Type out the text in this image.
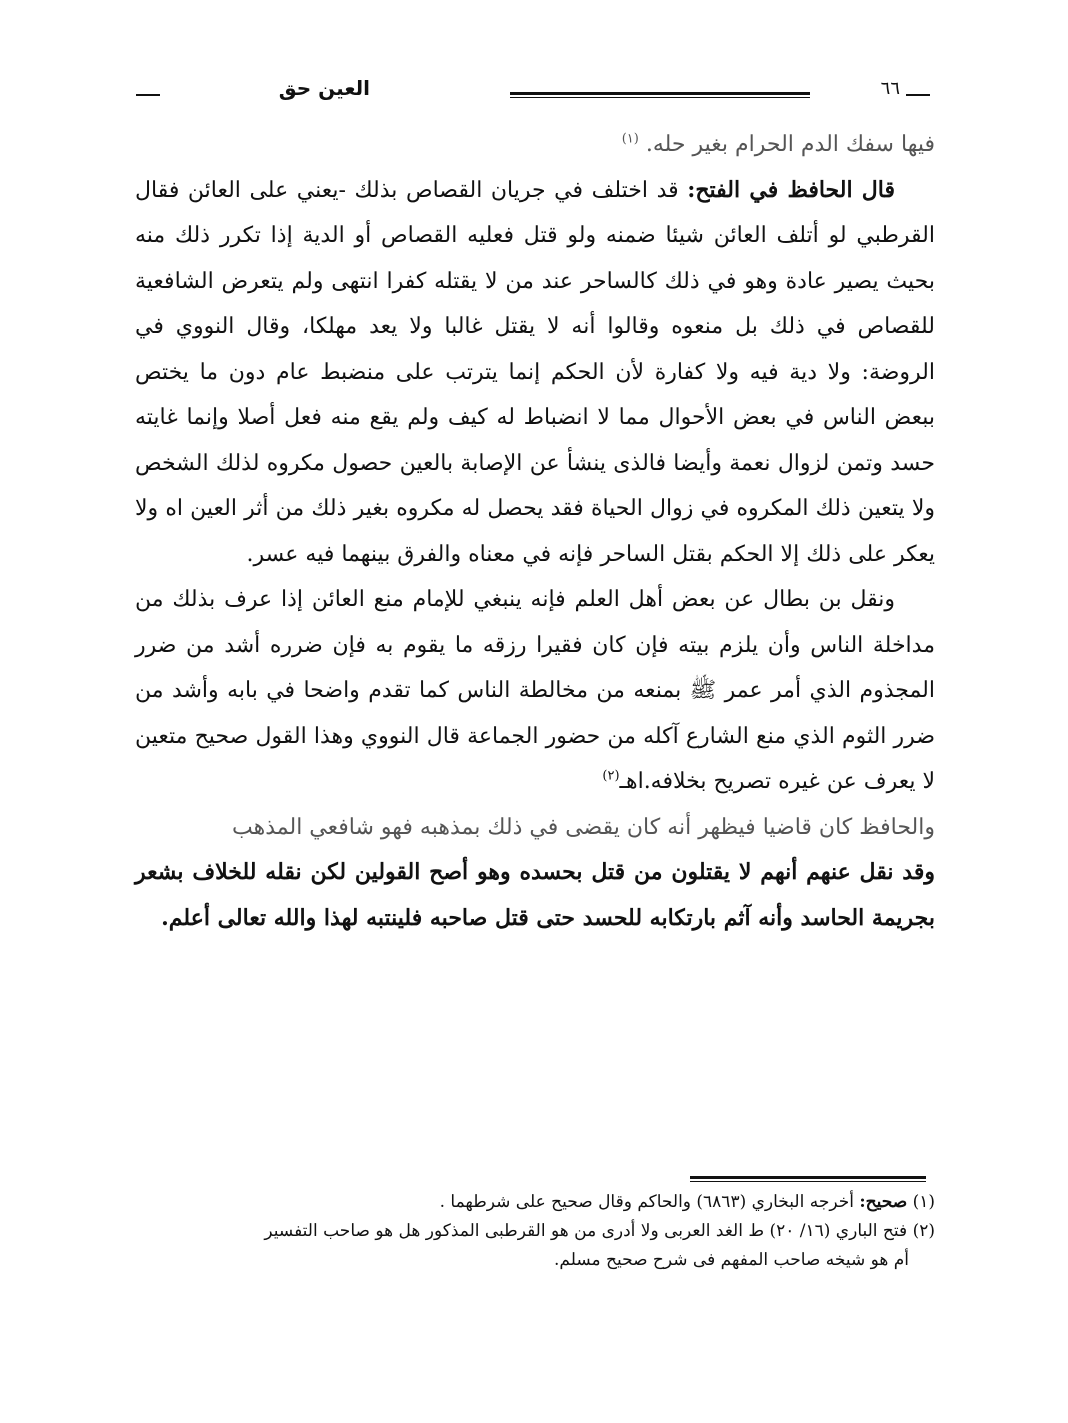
٦٦
العين حق

فيها سفك الدم الحرام بغير حله. $^{(١)}$

قال الحافظ في الفتح: قد اختلف في جريان القصاص بذلك -يعني على العائن فقال القرطبي لو أتلف العائن شيئا ضمنه ولو قتل فعليه القصاص أو الدية إذا تكرر ذلك منه بحيث يصير عادة وهو في ذلك كالساحر عند من لا يقتله كفرا انتهى ولم يتعرض الشافعية للقصاص في ذلك بل منعوه وقالوا أنه لا يقتل غالبا ولا يعد مهلكا، وقال النووي في الروضة: ولا دية فيه ولا كفارة لأن الحكم إنما يترتب على منضبط عام دون ما يختص ببعض الناس في بعض الأحوال مما لا انضباط له كيف ولم يقع منه فعل أصلا وإنما غايته حسد وتمن لزوال نعمة وأيضا فالذى ينشأ عن الإصابة بالعين حصول مكروه لذلك الشخص ولا يتعين ذلك المكروه في زوال الحياة فقد يحصل له مكروه بغير ذلك من أثر العين اه ولا يعكر على ذلك إلا الحكم بقتل الساحر فإنه في معناه والفرق بينهما فيه عسر.

ونقل بن بطال عن بعض أهل العلم فإنه ينبغي للإمام منع العائن إذا عرف بذلك من مداخلة الناس وأن يلزم بيته فإن كان فقيرا رزقه ما يقوم به فإن ضرره أشد من ضرر المجذوم الذي أمر عمر ﷺ بمنعه من مخالطة الناس كما تقدم واضحا في بابه وأشد من ضرر الثوم الذي منع الشارع آكله من حضور الجماعة قال النووي وهذا القول صحيح متعين لا يعرف عن غيره تصريح بخلافه.اهـ$^{(٢)}$

والحافظ كان قاضيا فيظهر أنه كان يقضى في ذلك بمذهبه فهو شافعي المذهب

وقد نقل عنهم أنهم لا يقتلون من قتل بحسده وهو أصح القولين لكن نقله للخلاف بشعر بجريمة الحاسد وأنه آثم بارتكابه للحسد حتى قتل صاحبه فلينتبه لهذا والله تعالى أعلم.

(١) صحيح: أخرجه البخاري (٦٨٦٣) والحاكم وقال صحيح على شرطهما .

(٢) فتح الباري (١٦/ ٢٠) ط الغد العربى ولا أدرى من هو القرطبى المذكور هل هو صاحب التفسير

أم هو شيخه صاحب المفهم فى شرح صحيح مسلم.
